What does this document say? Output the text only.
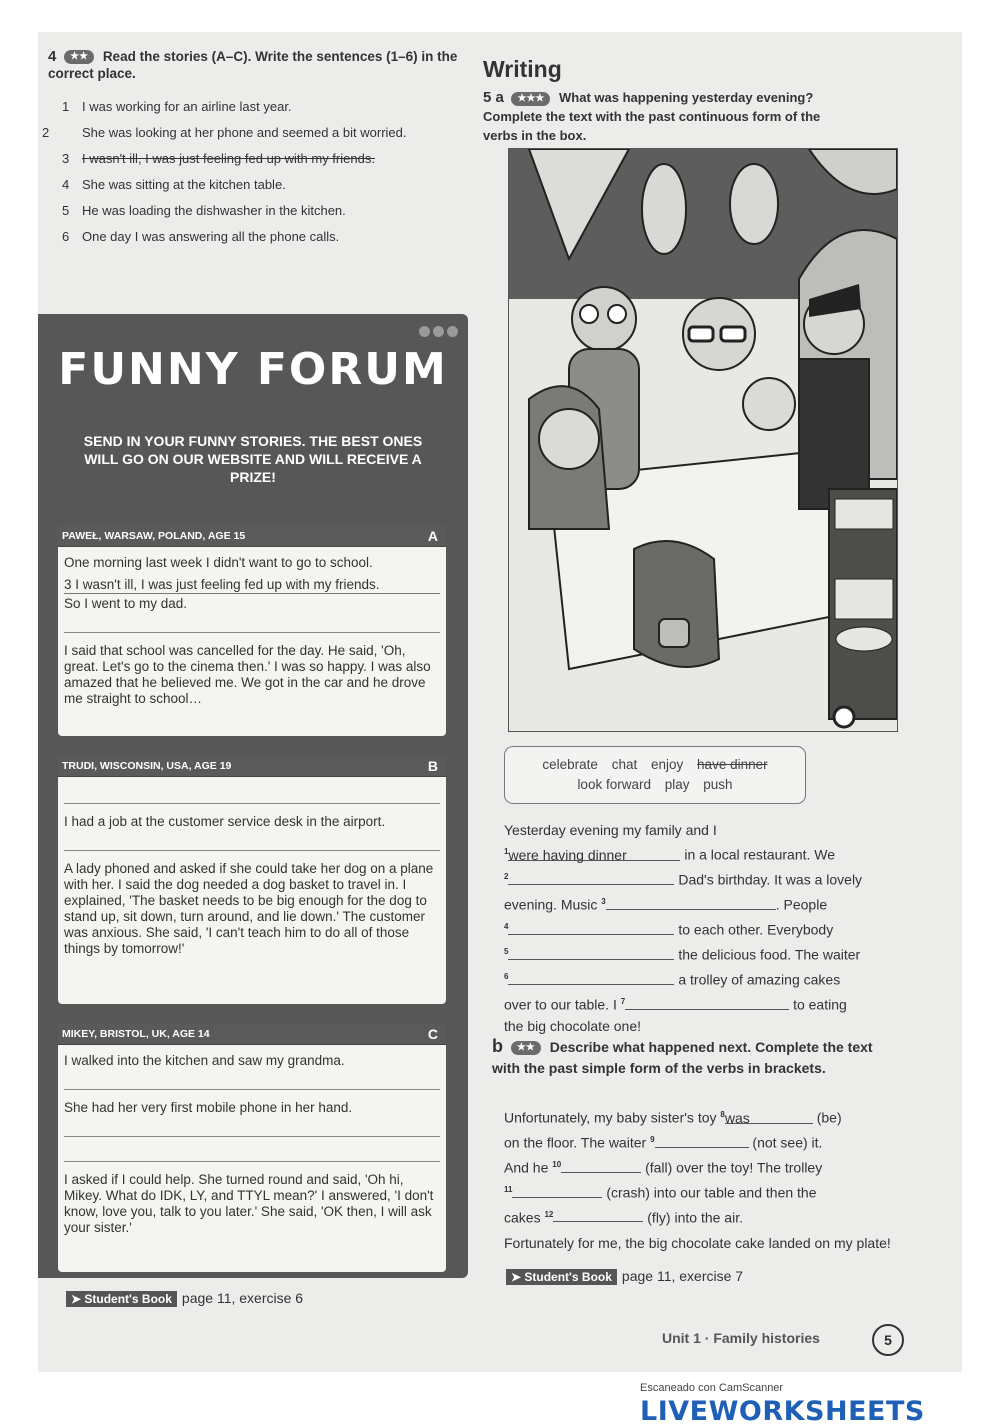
4 ★★ Read the stories (A–C). Write the sentences (1–6) in the correct place.
1 I was working for an airline last year.
2	She was looking at her phone and seemed a bit worried.
3 I wasn't ill, I was just feeling fed up with my friends.
4 She was sitting at the kitchen table.
5 He was loading the dishwasher in the kitchen.
6 One day I was answering all the phone calls.
FUNNY FORUM
SEND IN YOUR FUNNY STORIES. THE BEST ONES WILL GO ON OUR WEBSITE AND WILL RECEIVE A PRIZE!
PAWEŁ, WARSAW, POLAND, AGE 15	A

One morning last week I didn't want to go to school.

3 I wasn't ill, I was just feeling fed up with my friends.

So I went to my dad.

I said that school was cancelled for the day. He said, 'Oh, great. Let's go to the cinema then.' I was so happy. I was also amazed that he believed me. We got in the car and he drove me straight to school…

TRUDI, WISCONSIN, USA, AGE 19	B

I had a job at the customer service desk in the airport.

A lady phoned and asked if she could take her dog on a plane with her. I said the dog needed a dog basket to travel in. I explained, 'The basket needs to be big enough for the dog to stand up, sit down, turn around, and lie down.' The customer was anxious. She said, 'I can't teach him to do all of those things by tomorrow!'

MIKEY, BRISTOL, UK, AGE 14	C

I walked into the kitchen and saw my grandma.

She had her very first mobile phone in her hand.

I asked if I could help. She turned round and said, 'Oh hi, Mikey. What do IDK, LY, and TTYL mean?' I answered, 'I don't know, love you, talk to you later.' She said, 'OK then, I will ask your sister.'

➤ Student's Book page 11, exercise 6
Writing
5 a ★★★ What was happening yesterday evening? Complete the text with the past continuous form of the verbs in the box.
celebrate chat enjoy have dinner
look forward play push
Yesterday evening my family and I
$^1$were having dinner	in a local restaurant. We
$^2$	Dad's birthday. It was a lovely
evening. Music $^3$	. People
$^4$	to each other. Everybody
$^5$	the delicious food. The waiter
$^6$	a trolley of amazing cakes
over to our table. I $^7$	to eating
the big chocolate one!
b ★★ Describe what happened next. Complete the text with the past simple form of the verbs in brackets.
Unfortunately, my baby sister's toy $^8$was	(be)
on the floor. The waiter $^9$	(not see) it.
And he $^{10}$	(fall) over the toy! The trolley
$^{11}$	(crash) into our table and then the
cakes $^{12}$	(fly) into the air.
Fortunately for me, the big chocolate cake landed on my plate!
➤ Student's Book page 11, exercise 7
Unit 1 · Family histories	5
Escaneado con CamScanner LIVEWORKSHEETS
